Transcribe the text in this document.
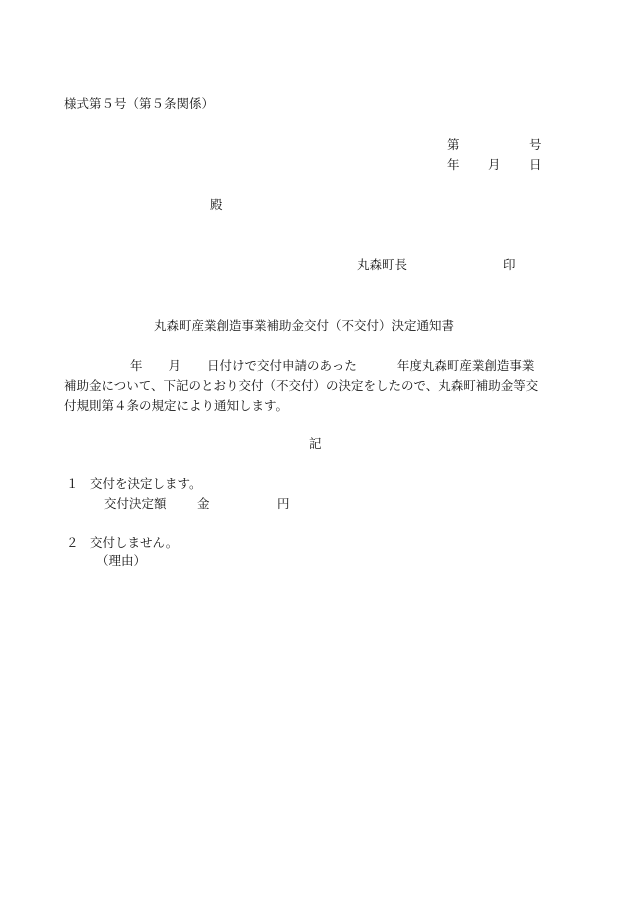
様式第５号（第５条関係）
第	号
年 月 日
殿
丸森町長	印
丸森町産業創造事業補助金交付（不交付）決定通知書
年 月 日付けで交付申請のあった	年度丸森町産業創造事業
補助金について、下記のとおり交付（不交付）の決定をしたので、丸森町補助金等交
付規則第４条の規定により通知します。
記
１ 交付を決定します。
交付決定額 金	円
２ 交付しません。
（理由）
